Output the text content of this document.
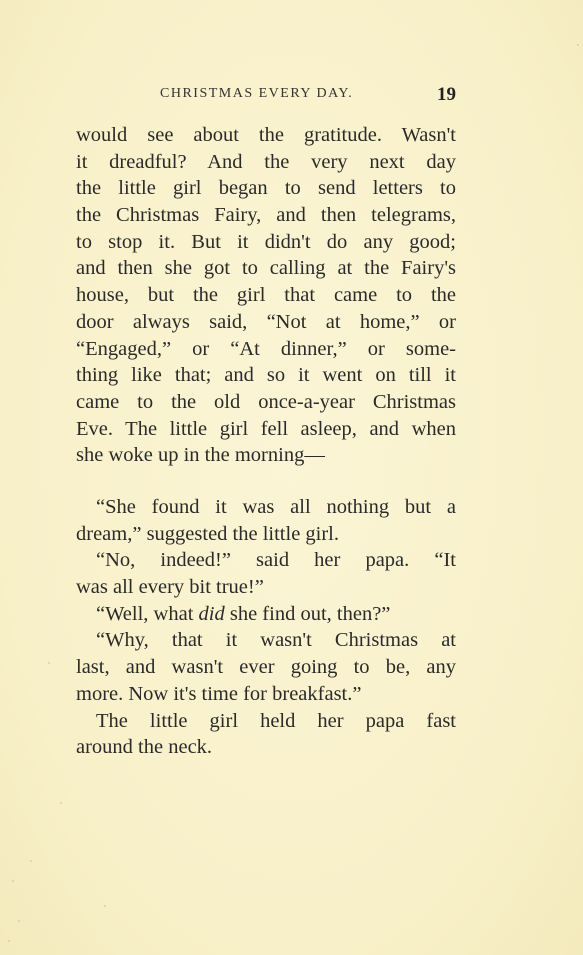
CHRISTMAS EVERY DAY.	19
would see about the gratitude. Wasn't
it dreadful? And the very next day
the little girl began to send letters to
the Christmas Fairy, and then telegrams,
to stop it. But it didn't do any good;
and then she got to calling at the Fairy's
house, but the girl that came to the
door always said, “Not at home,” or
“Engaged,” or “At dinner,” or some-
thing like that; and so it went on till it
came to the old once-a-year Christmas
Eve. The little girl fell asleep, and when
she woke up in the morning—
“She found it was all nothing but a
dream,” suggested the little girl.
“No, indeed!” said her papa. “It
was all every bit true!”
“Well, what did she find out, then?”
“Why, that it wasn't Christmas at
last, and wasn't ever going to be, any
more. Now it's time for breakfast.”
The little girl held her papa fast
around the neck.
